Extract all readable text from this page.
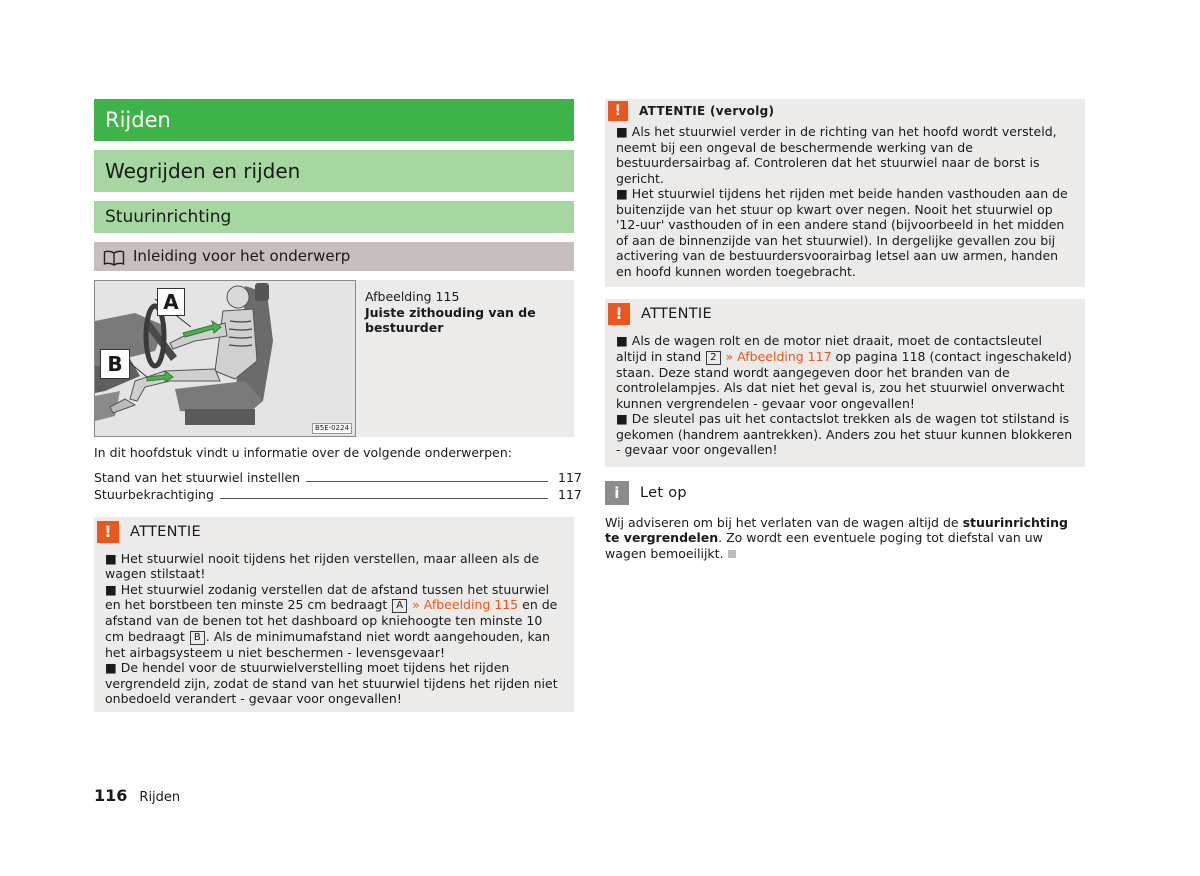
Rijden
Wegrijden en rijden
Stuurinrichting
Inleiding voor het onderwerp
A
B
B5E-0224
Afbeelding 115
Juiste zithouding van de bestuurder
In dit hoofdstuk vindt u informatie over de volgende onderwerpen:
Stand van het stuurwiel instellen	117
Stuurbekrachtiging	117
!	ATTENTIE

■ Het stuurwiel nooit tijdens het rijden verstellen, maar alleen als de wagen stilstaat!

■ Het stuurwiel zodanig verstellen dat de afstand tussen het stuurwiel en het borstbeen ten minste 25 cm bedraagt A » Afbeelding 115 en de afstand van de benen tot het dashboard op kniehoogte ten minste 10 cm bedraagt B . Als de minimumafstand niet wordt aangehouden, kan het airbagsysteem u niet beschermen - levensgevaar!

■ De hendel voor de stuurwielverstelling moet tijdens het rijden vergrendeld zijn, zodat de stand van het stuurwiel tijdens het rijden niet onbedoeld verandert - gevaar voor ongevallen!

!	ATTENTIE (vervolg)

■ Als het stuurwiel verder in de richting van het hoofd wordt versteld, neemt bij een ongeval de beschermende werking van de bestuurdersairbag af. Controleren dat het stuurwiel naar de borst is gericht.

■ Het stuurwiel tijdens het rijden met beide handen vasthouden aan de buitenzijde van het stuur op kwart over negen. Nooit het stuurwiel op '12-uur' vasthouden of in een andere stand (bijvoorbeeld in het midden of aan de binnenzijde van het stuurwiel). In dergelijke gevallen zou bij activering van de bestuurdersvoorairbag letsel aan uw armen, handen en hoofd kunnen worden toegebracht.

!	ATTENTIE

■ Als de wagen rolt en de motor niet draait, moet de contactsleutel altijd in stand 2 » Afbeelding 117 op pagina 118 (contact ingeschakeld) staan. Deze stand wordt aangegeven door het branden van de controlelampjes. Als dat niet het geval is, zou het stuurwiel onverwacht kunnen vergrendelen - gevaar voor ongevallen!

■ De sleutel pas uit het contactslot trekken als de wagen tot stilstand is gekomen (handrem aantrekken). Anders zou het stuur kunnen blokkeren - gevaar voor ongevallen!

i	Let op
Wij adviseren om bij het verlaten van de wagen altijd de stuurinrichting te vergrendelen. Zo wordt een eventuele poging tot diefstal van uw wagen bemoeilijkt.
116 Rijden
